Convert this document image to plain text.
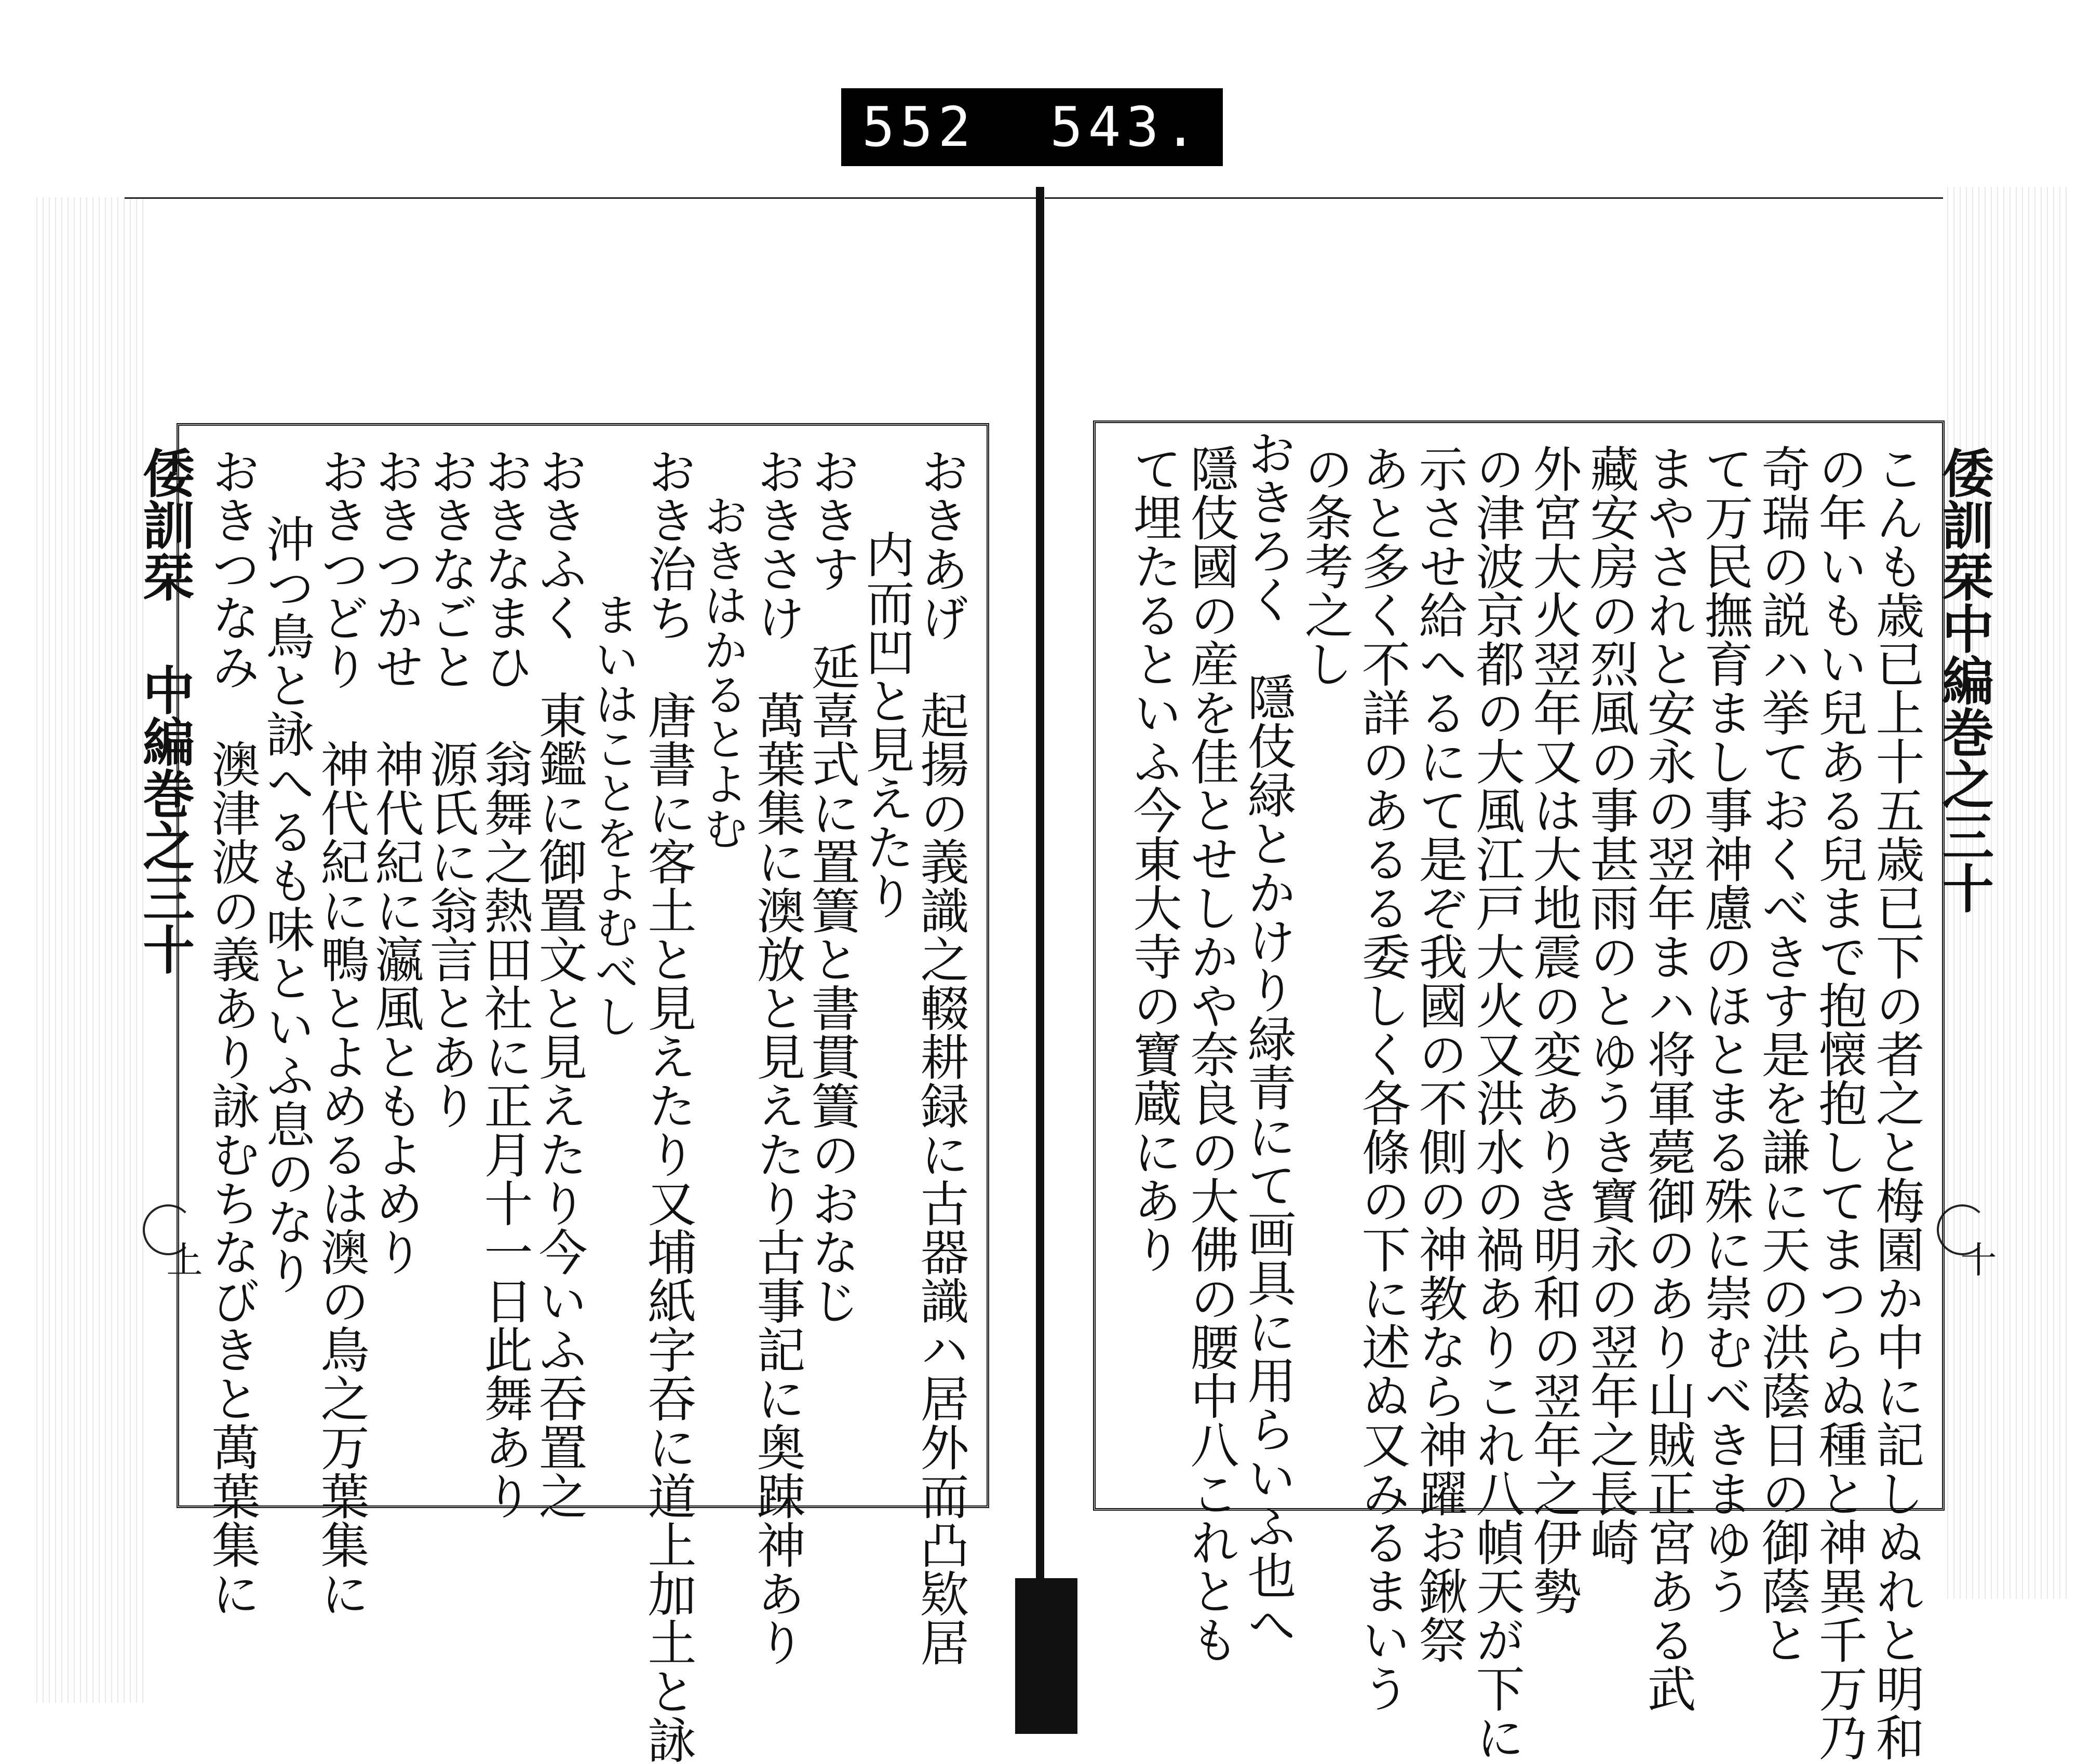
552 543.
倭訓栞 中編巻之三十
上
倭訓栞中編巻之三十
十
おきあげ　起揚の義識之輟耕録に古器識ハ居外而凸欵居
内而凹と見えたり
おきす　延喜式に置簀と書貫簀のおなじ
おきさけ　萬葉集に澳放と見えたり古事記に奥踈神あり
おきはかるとよむ
おき治ち　唐書に客土と見えたり又埔紙字吞に道上加土と詠
まいはことをよむべし
おきふく　東鑑に御置文と見えたり今いふ吞置之
おきなまひ　翁舞之熱田社に正月十一日此舞あり
おきなごと　源氏に翁言とあり
おきつかせ　神代紀に瀛風ともよめり
おきつどり　神代紀に鴨とよめるは澳の鳥之万葉集に
沖つ鳥と詠へるも味といふ息のなり
おきつなみ　澳津波の義あり詠むちなびきと萬葉集に	こんも歳已上十五歳已下の者之と梅園か中に記しぬれと明和
の年いもい兒ある兒まで抱懐抱してまつらぬ種と神異千万乃
奇瑞の説ハ挙ておくべきす是を謙に天の洪蔭日の御蔭と
て万民撫育まし事神慮のほとまる殊に崇むべきまゆう
まやされと安永の翌年まハ将軍薨御のあり山賊正宮ある武
藏安房の烈風の事甚雨のとゆうき寶永の翌年之長崎
外宮大火翌年又は大地震の変ありき明和の翌年之伊勢
の津波京都の大風江戸大火又洪水の禍ありこれ八幀天が下に
示させ給へるにて是ぞ我國の不側の神教なら神躍お鍬祭
あと多く不詳のあるる委しく各條の下に述ぬ又みるまいう
の条考之し
おきろく　隱伎緑とかけり緑青にて画具に用らいふ也へ
隱伎國の産を佳とせしかや奈良の大佛の腰中八これとも
て埋たるといふ今東大寺の寶蔵にあり
